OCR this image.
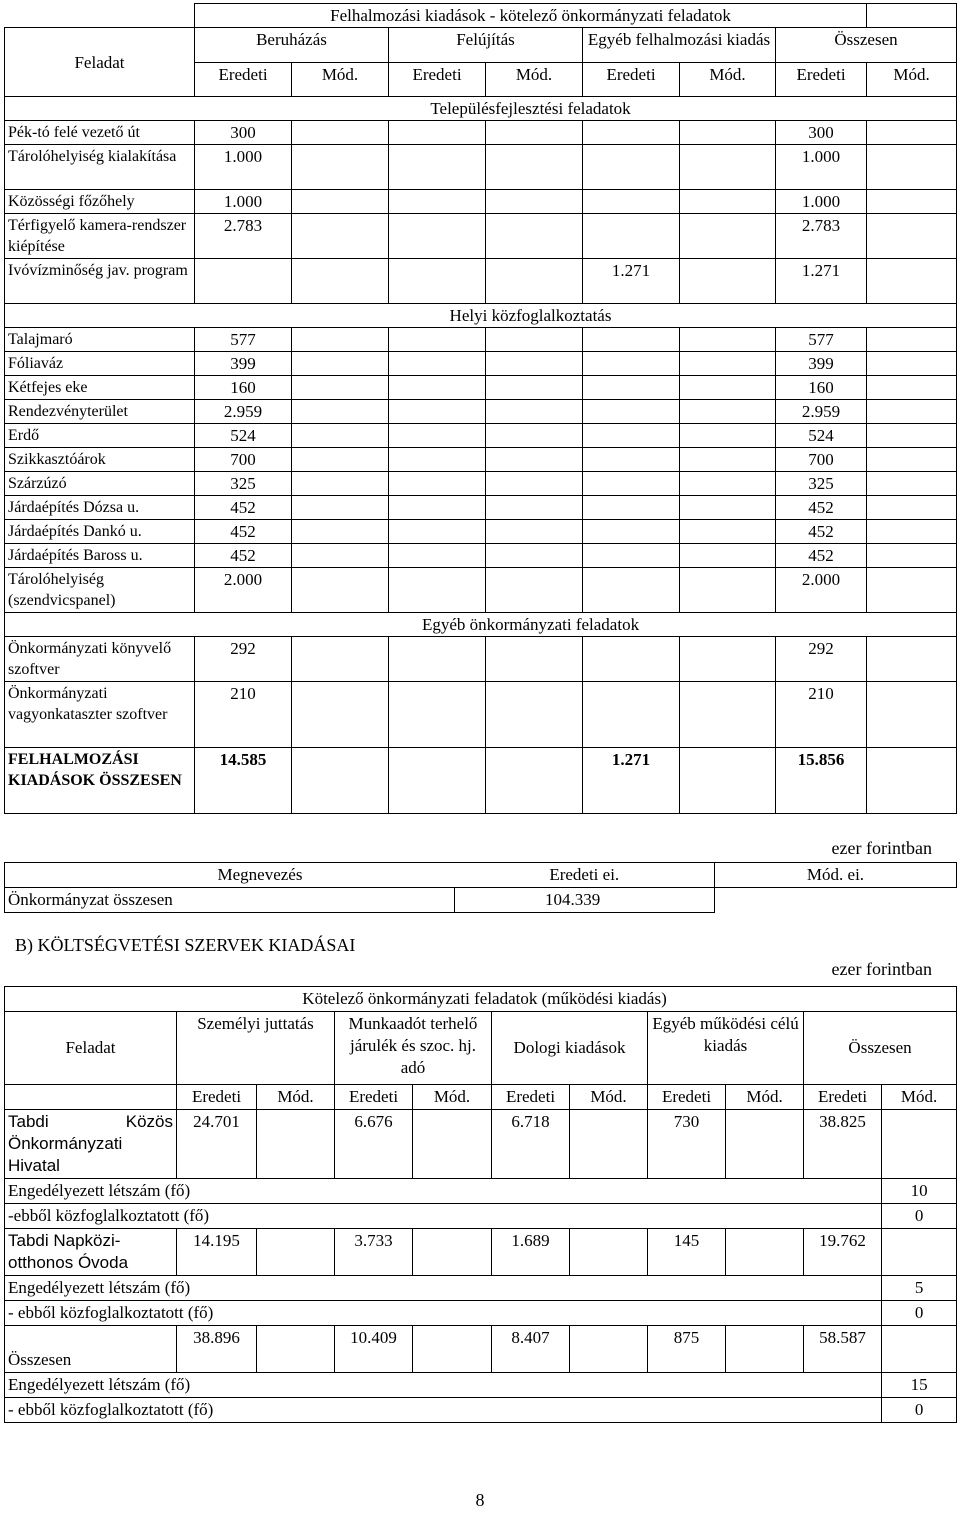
	Felhalmozási kiadások - kötelező önkormányzati feladatok							
Feladat	Beruházás		Felújítás		Egyéb felhalmozási kiadás		Összesen	
	Eredeti	Mód.	Eredeti	Mód.	Eredeti	Mód.	Eredeti	Mód.
	Településfejlesztési feladatok							
Pék-tó felé vezető út	300						300	
Tárolóhelyiség kialakítása	1.000						1.000	
Közösségi főzőhely	1.000						1.000	
Térfigyelő kamera-rendszer kiépítése	2.783						2.783	
Ivóvízminőség jav. program					1.271		1.271	
	Helyi közfoglalkoztatás							
Talajmaró	577						577	
Fóliaváz	399						399	
Kétfejes eke	160						160	
Rendezvényterület	2.959						2.959	
Erdő	524						524	
Szikkasztóárok	700						700	
Szárzúzó	325						325	
Járdaépítés Dózsa u.	452						452	
Járdaépítés Dankó u.	452						452	
Járdaépítés Baross u.	452						452	
Tárolóhelyiség (szendvicspanel)	2.000						2.000	
	Egyéb önkormányzati feladatok							
Önkormányzati könyvelő szoftver	292						292	
Önkormányzati vagyonkataszter szoftver	210						210	
FELHALMOZÁSI KIADÁSOK ÖSSZESEN	14.585				1.271		15.856	
ezer forintban
	Megnevezés	Eredeti ei.	Mód. ei.
Önkormányzat összesen		104.339	
B) KÖLTSÉGVETÉSI SZERVEK KIADÁSAI
ezer forintban
	Kötelező önkormányzati feladatok (működési kiadás)									
Feladat	Személyi juttatás		Munkaadót terhelő járulék és szoc. hj. adó		Dologi kiadások		Egyéb működési célú kiadás		Összesen	
	Eredeti	Mód.	Eredeti	Mód.	Eredeti	Mód.	Eredeti	Mód.	Eredeti	Mód.

Tabdi Közös
Önkormányzati Hivatal	24.701		6.676		6.718		730		38.825	
Engedélyezett létszám (fő)										10
-ebből közfoglalkoztatott (fő)										0
Tabdi Napközi-otthonos Óvoda	14.195		3.733		1.689		145		19.762	
Engedélyezett létszám (fő)										5
- ebből közfoglalkoztatott (fő)										0
Összesen	38.896		10.409		8.407		875		58.587	
Engedélyezett létszám (fő)										15
- ebből közfoglalkoztatott (fő)										0
8
